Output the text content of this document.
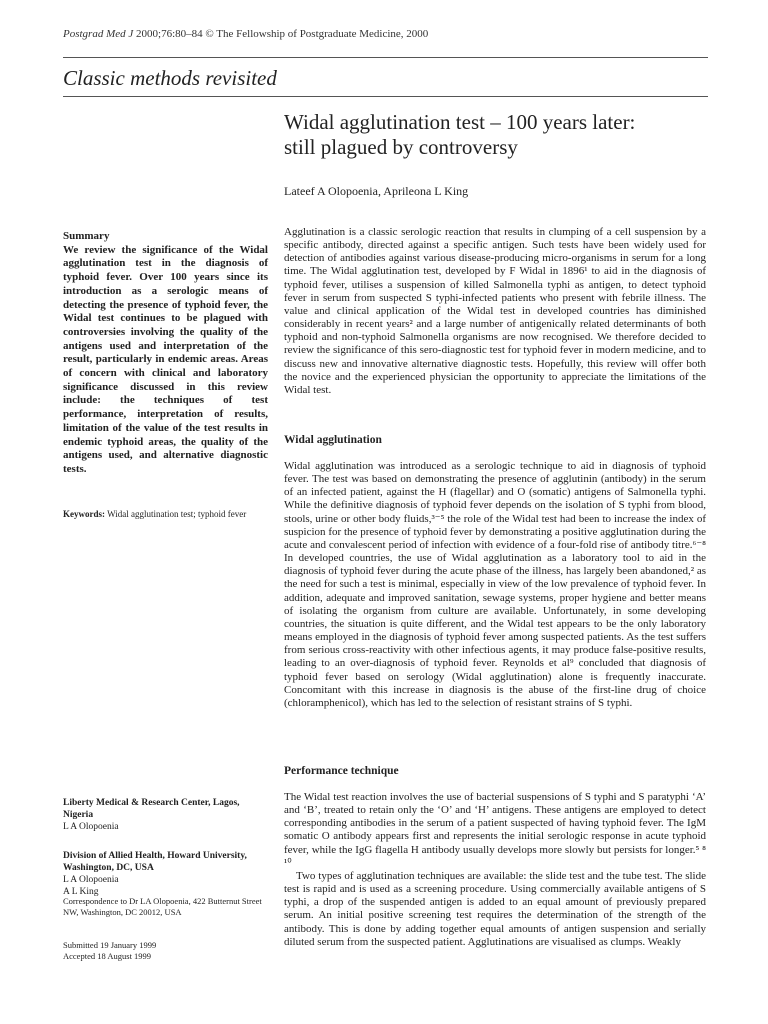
Postgrad Med J 2000;76:80–84 © The Fellowship of Postgraduate Medicine, 2000
Classic methods revisited
Widal agglutination test – 100 years later:
still plagued by controversy
Lateef A Olopoenia, Aprileona L King
Summary
We review the significance of the Widal agglutination test in the diagnosis of typhoid fever. Over 100 years since its introduction as a serologic means of detecting the presence of typhoid fever, the Widal test continues to be plagued with controversies involving the quality of the antigens used and interpretation of the result, particularly in endemic areas. Areas of concern with clinical and laboratory significance discussed in this review include: the techniques of test performance, interpretation of results, limitation of the value of the test results in endemic typhoid areas, the quality of the antigens used, and alternative diagnostic tests.
Keywords: Widal agglutination test; typhoid fever
Liberty Medical & Research Center, Lagos, Nigeria
L A Olopoenia

Division of Allied Health, Howard University, Washington, DC, USA
L A Olopoenia
A L King

Correspondence to Dr LA Olopoenia, 422 Butternut Street NW, Washington, DC 20012, USA
Submitted 19 January 1999
Accepted 18 August 1999

Agglutination is a classic serologic reaction that results in clumping of a cell suspension by a specific antibody, directed against a specific antigen. Such tests have been widely used for detection of antibodies against various disease-producing micro-organisms in serum for a long time. The Widal agglutination test, developed by F Widal in 1896¹ to aid in the diagnosis of typhoid fever, utilises a suspension of killed Salmonella typhi as antigen, to detect typhoid fever in serum from suspected S typhi-infected patients who present with febrile illness. The value and clinical application of the Widal test in developed countries has diminished considerably in recent years² and a large number of antigenically related determinants of both typhoid and non-typhoid Salmonella organisms are now recognised. We therefore decided to review the significance of this sero-diagnostic test for typhoid fever in modern medicine, and to discuss new and innovative alternative diagnostic tests. Hopefully, this review will offer both the novice and the experienced physician the opportunity to appreciate the limitations of the Widal test.

Widal agglutination

Widal agglutination was introduced as a serologic technique to aid in diagnosis of typhoid fever. The test was based on demonstrating the presence of agglutinin (antibody) in the serum of an infected patient, against the H (flagellar) and O (somatic) antigens of Salmonella typhi. While the definitive diagnosis of typhoid fever depends on the isolation of S typhi from blood, stools, urine or other body fluids,³⁻⁵ the role of the Widal test had been to increase the index of suspicion for the presence of typhoid fever by demonstrating a positive agglutination during the acute and convalescent period of infection with evidence of a four-fold rise of antibody titre.⁶⁻⁸ In developed countries, the use of Widal agglutination as a laboratory tool to aid in the diagnosis of typhoid fever during the acute phase of the illness, has largely been abandoned,² as the need for such a test is minimal, especially in view of the low prevalence of typhoid fever. In addition, adequate and improved sanitation, sewage systems, proper hygiene and better means of isolating the organism from culture are available. Unfortunately, in some developing countries, the situation is quite different, and the Widal test appears to be the only laboratory means employed in the diagnosis of typhoid fever among suspected patients. As the test suffers from serious cross-reactivity with other infectious agents, it may produce false-positive results, leading to an over-diagnosis of typhoid fever. Reynolds et al⁹ concluded that diagnosis of typhoid fever based on serology (Widal agglutination) alone is frequently inaccurate. Concomitant with this increase in diagnosis is the abuse of the first-line drug of choice (chloramphenicol), which has led to the selection of resistant strains of S typhi.

Performance technique

The Widal test reaction involves the use of bacterial suspensions of S typhi and S paratyphi ‘A’ and ‘B’, treated to retain only the ‘O’ and ‘H’ antigens. These antigens are employed to detect corresponding antibodies in the serum of a patient suspected of having typhoid fever. The IgM somatic O antibody appears first and represents the initial serologic response in acute typhoid fever, while the IgG flagella H antibody usually develops more slowly but persists for longer.⁵ ⁸ ¹⁰

Two types of agglutination techniques are available: the slide test and the tube test. The slide test is rapid and is used as a screening procedure. Using commercially available antigens of S typhi, a drop of the suspended antigen is added to an equal amount of previously prepared serum. An initial positive screening test requires the determination of the strength of the antibody. This is done by adding together equal amounts of antigen suspension and serially diluted serum from the suspected patient. Agglutinations are visualised as clumps. Weakly
